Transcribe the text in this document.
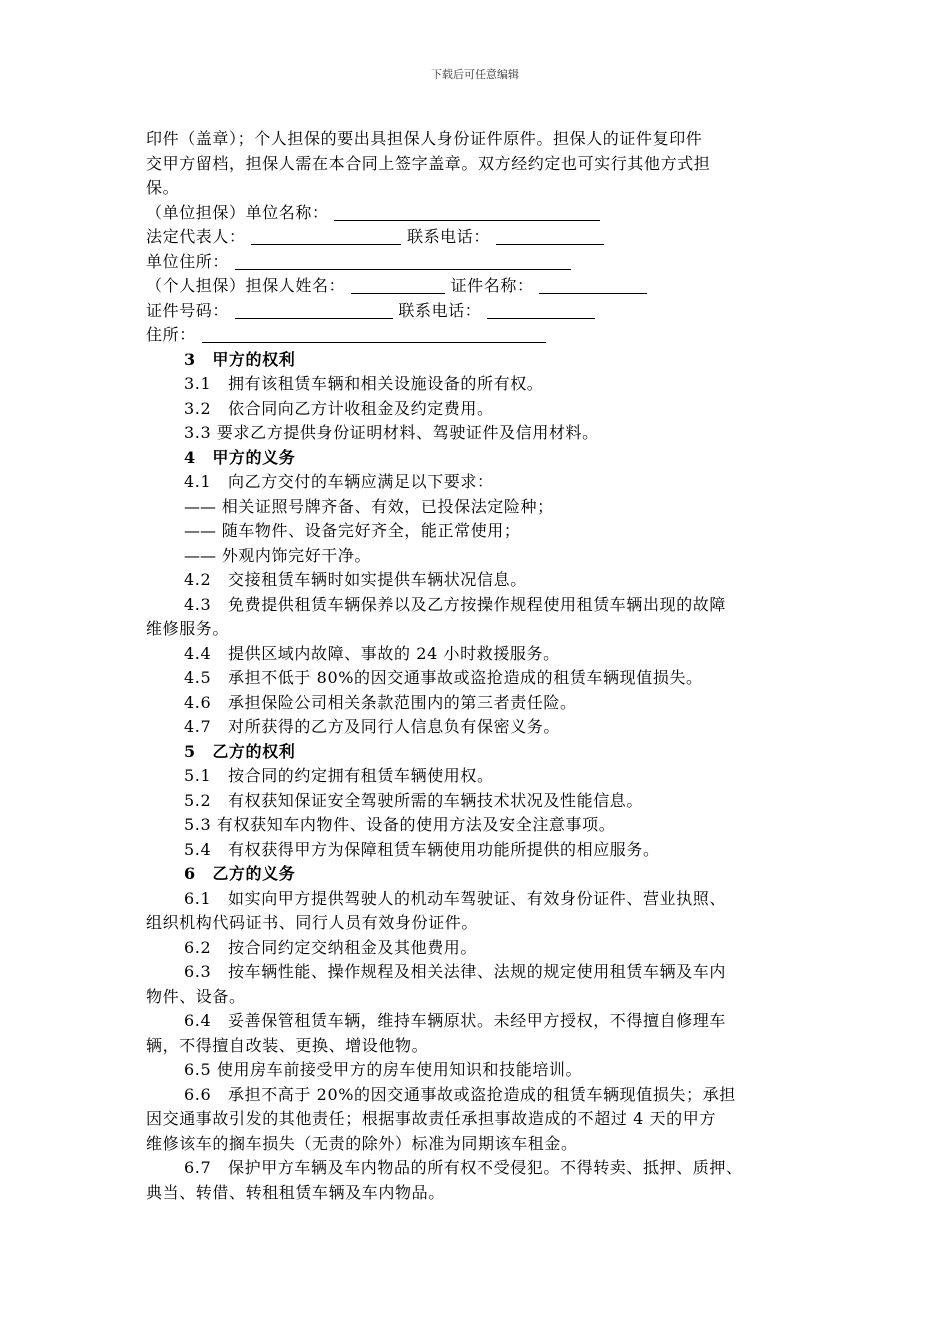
下载后可任意编辑

印件（盖章）；个人担保的要出具担保人身份证件原件。担保人的证件复印件

交甲方留档，担保人需在本合同上签字盖章。双方经约定也可实行其他方式担

保。

（单位担保）单位名称：

法定代表人：	联系电话：

单位住所：

（个人担保）担保人姓名：	证件名称：

证件号码：	联系电话：

住所：

3　甲方的权利

3.1 拥有该租赁车辆和相关设施设备的所有权。

3.2 依合同向乙方计收租金及约定费用。

3.3 要求乙方提供身份证明材料、驾驶证件及信用材料。

4　甲方的义务

4.1 向乙方交付的车辆应满足以下要求：

—— 相关证照号牌齐备、有效，已投保法定险种；

—— 随车物件、设备完好齐全，能正常使用；

—— 外观内饰完好干净。

4.2 交接租赁车辆时如实提供车辆状况信息。

4.3 免费提供租赁车辆保养以及乙方按操作规程使用租赁车辆出现的故障

维修服务。

4.4 提供区域内故障、事故的 24 小时救援服务。

4.5 承担不低于 80%的因交通事故或盗抢造成的租赁车辆现值损失。

4.6 承担保险公司相关条款范围内的第三者责任险。

4.7 对所获得的乙方及同行人信息负有保密义务。

5　乙方的权利

5.1 按合同的约定拥有租赁车辆使用权。

5.2 有权获知保证安全驾驶所需的车辆技术状况及性能信息。

5.3 有权获知车内物件、设备的使用方法及安全注意事项。

5.4 有权获得甲方为保障租赁车辆使用功能所提供的相应服务。

6　乙方的义务

6.1 如实向甲方提供驾驶人的机动车驾驶证、有效身份证件、营业执照、

组织机构代码证书、同行人员有效身份证件。

6.2 按合同约定交纳租金及其他费用。

6.3 按车辆性能、操作规程及相关法律、法规的规定使用租赁车辆及车内

物件、设备。

6.4 妥善保管租赁车辆，维持车辆原状。未经甲方授权，不得擅自修理车

辆，不得擅自改装、更换、增设他物。

6.5 使用房车前接受甲方的房车使用知识和技能培训。

6.6 承担不高于 20%的因交通事故或盗抢造成的租赁车辆现值损失；承担

因交通事故引发的其他责任；根据事故责任承担事故造成的不超过 4 天的甲方

维修该车的搁车损失（无责的除外）标准为同期该车租金。

6.7 保护甲方车辆及车内物品的所有权不受侵犯。不得转卖、抵押、质押、

典当、转借、转租租赁车辆及车内物品。
